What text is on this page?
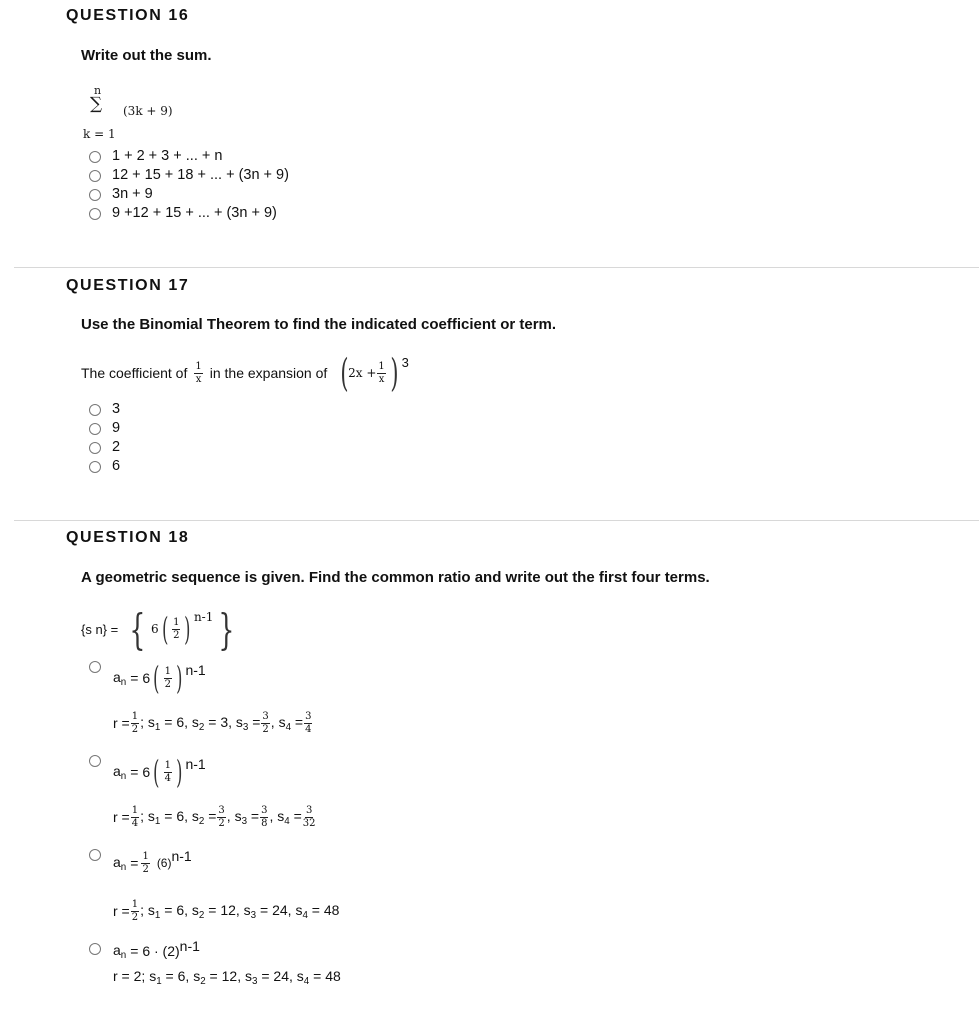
QUESTION 16
Write out the sum.
n
∑ (3k + 9)
k = 1
1 + 2 + 3 + ... + n
12 + 15 + 18 + ... + (3n + 9)
3n + 9
9 +12 + 15 + ... + (3n + 9)
QUESTION 17
Use the Binomial Theorem to find the indicated coefficient or term.
The coefficient of $\frac{1}{x}$ in the expansion of ( $2x + \frac{1}{x}$ ) 3
3
9
2
6
QUESTION 18
A geometric sequence is given. Find the common ratio and write out the first four terms.
{s n} = { 6 ( $\frac{1}{2}$ ) n-1 }
$a_n = 6$ ( $\frac{1}{2}$ ) n-1
$r = \frac{1}{2}$ ; $s_1 = 6$, $s_2 = 3$, $s_3 = \frac{3}{2}$ , $s_4 = \frac{3}{4}$
$a_n = 6$ ( $\frac{1}{4}$ ) n-1
$r = \frac{1}{4}$ ; $s_1 = 6$, $s_2 = \frac{3}{2}$ , $s_3 = \frac{3}{8}$ , $s_4 = \frac{3}{32}$
$a_n = \frac{1}{2} (6)$ n-1
$r = \frac{1}{2}$ ; $s_1 = 6$, $s_2 = 12$, $s_3 = 24$, $s_4 = 48$
$a_n = 6 \cdot (2)$ n-1
r = 2; $s_1 = 6$, $s_2 = 12$, $s_3 = 24$, $s_4 = 48$
